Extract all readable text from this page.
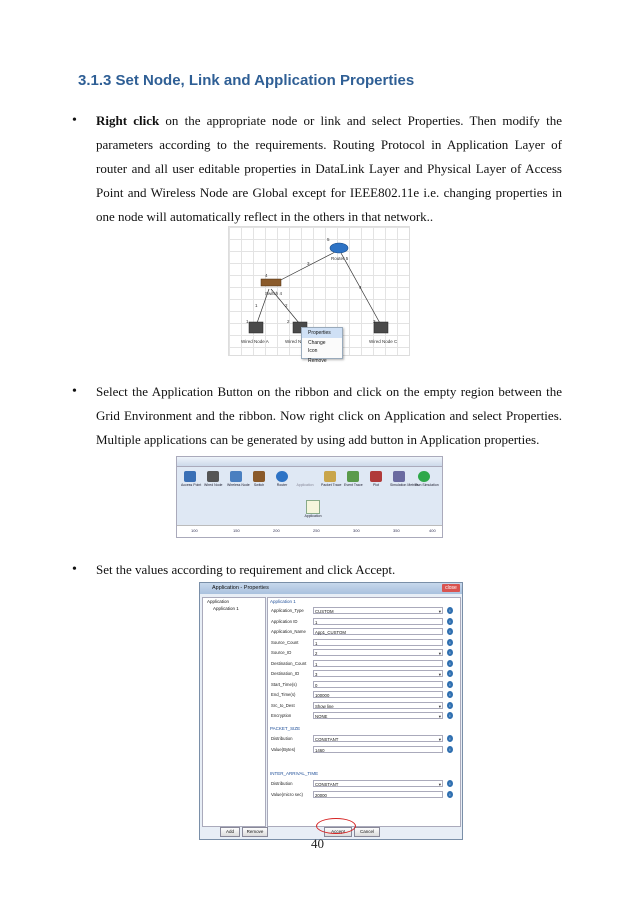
3.1.3 Set Node, Link and Application Properties
• Right click on the appropriate node or link and select Properties. Then modify the parameters according to the requirements. Routing Protocol in Application Layer of router and all user editable properties in DataLink Layer and Physical Layer of Access Point and Wireless Node are Global except for IEEE802.11e i.e. changing properties in one node will automatically reflect in the others in that network..
Router 5
Switch 4
Wired Node A	Wired N	Wired Node C
5
4
1	2	3
3
4
1	2
Properties
Change Icon
Remove
• Select the Application Button on the ribbon and click on the empty region between the Grid Environment and the ribbon. Now right click on Application and select Properties. Multiple applications can be generated by using add button in Application properties.
Access Point Wired Node Wireless Node	Switch	Router	Application Packet Trace Event Trace	Plot	Simulation Metrics
Run Simulation
Application
100	150	200	250	300	350	400
• Set the values according to requirement and click Accept.
Application - Properties	close
Application
Application 1
Application 1
Application_Type	CUSTOM ▾	i
Application ID	1	i
Application_Name	App1_CUSTOM	i
Source_Count	1	i
Source_ID	2 ▾	i
Destination_Count	1	i
Destination_ID	3 ▾	i
Start_Time(s)	0	i
End_Time(s)	100000	i
Src_to_Dest	Show line ▾	i
Encryption	NONE ▾	i
PACKET_SIZE
Distribution	CONSTANT ▾	i
Value(Bytes)	1460	i
INTER_ARRIVAL_TIME
Distribution	CONSTANT ▾	i
Value(micro sec)	20000	i
Add	Remove	Accept	Cancel
40
